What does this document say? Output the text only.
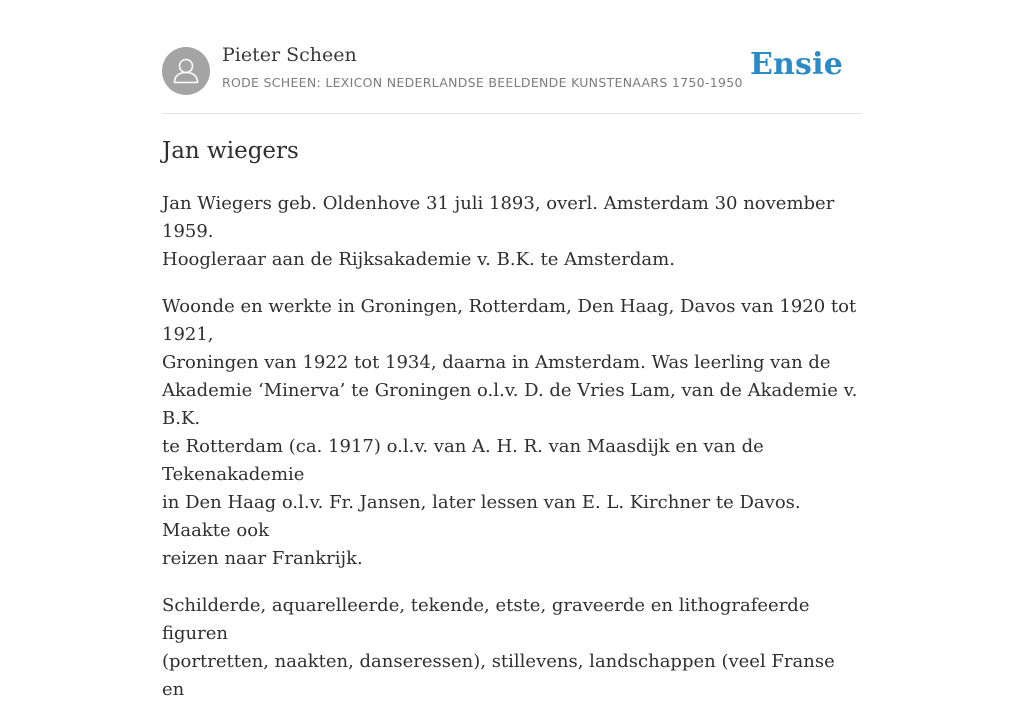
Pieter Scheen
RODE SCHEEN: LEXICON NEDERLANDSE BEELDENDE KUNSTENAARS 1750-1950
Ensie
Jan wiegers

Jan Wiegers geb. Oldenhove 31 juli 1893, overl. Amsterdam 30 november 1959.
Hoogleraar aan de Rijksakademie v. B.K. te Amsterdam.

Woonde en werkte in Groningen, Rotterdam, Den Haag, Davos van 1920 tot 1921,
Groningen van 1922 tot 1934, daarna in Amsterdam. Was leerling van de
Akademie ‘Minerva’ te Groningen o.l.v. D. de Vries Lam, van de Akademie v. B.K.
te Rotterdam (ca. 1917) o.l.v. van A. H. R. van Maasdijk en van de Tekenakademie
in Den Haag o.l.v. Fr. Jansen, later lessen van E. L. Kirchner te Davos. Maakte ook
reizen naar Frankrijk.

Schilderde, aquarelleerde, tekende, etste, graveerde en lithografeerde figuren
(portretten, naakten, danseressen), stillevens, landschappen (veel Franse en
